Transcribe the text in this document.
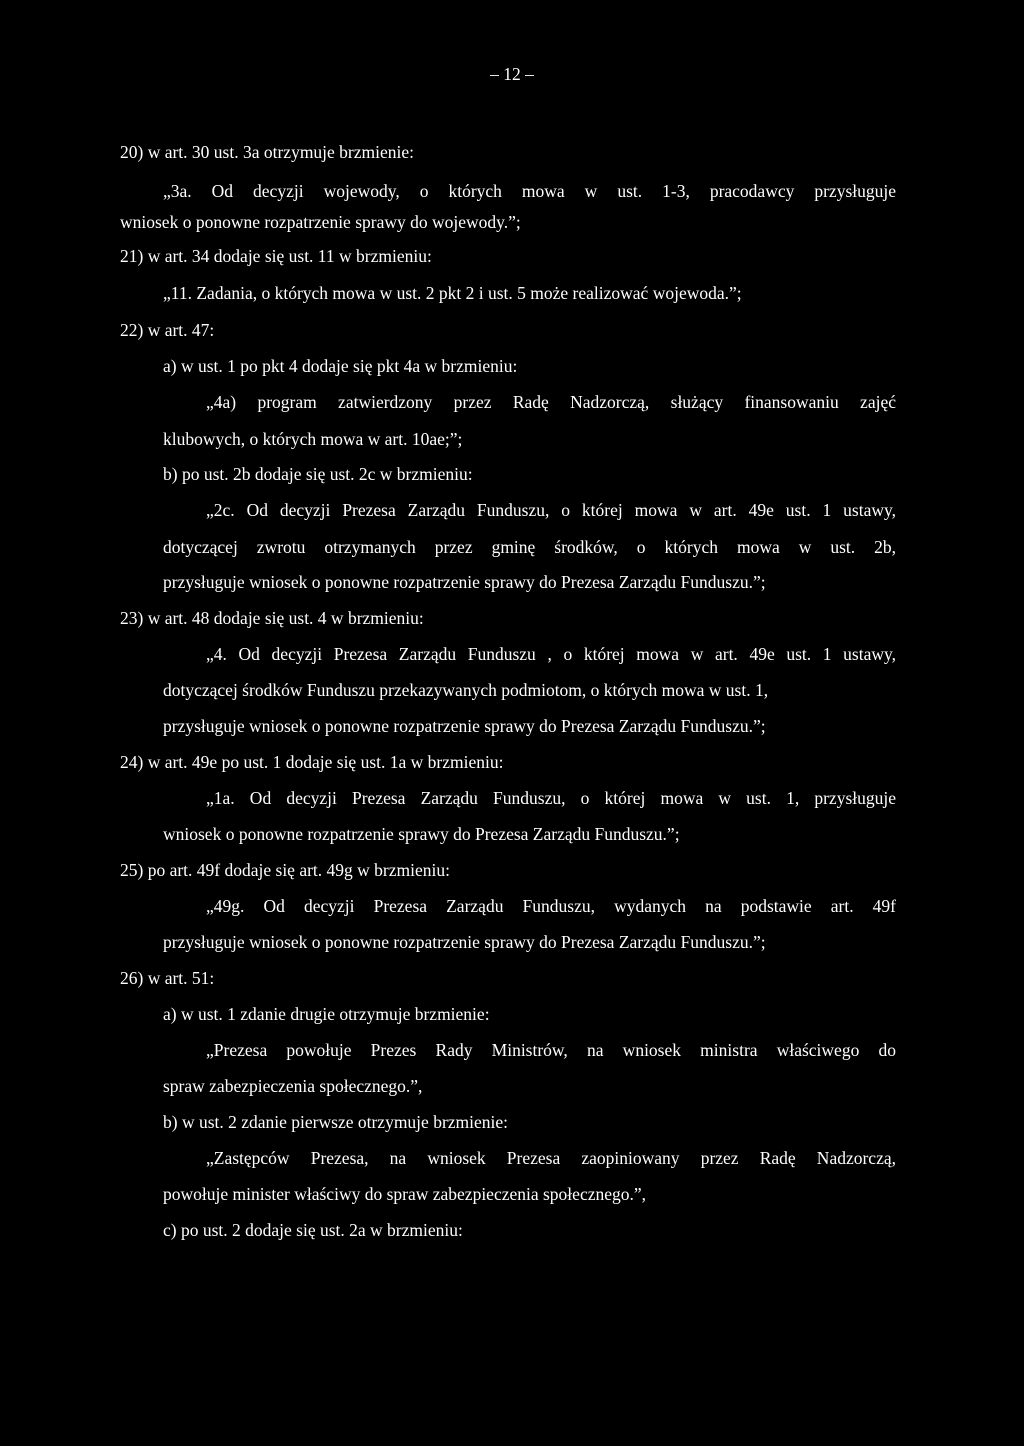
– 12 –
20) w art. 30 ust. 3a otrzymuje brzmienie:
„3a. Od decyzji wojewody, o których mowa w ust. 1-3, pracodawcy przysługuje
wniosek o ponowne rozpatrzenie sprawy do wojewody.”;
21) w art. 34 dodaje się ust. 11 w brzmieniu:
„11. Zadania, o których mowa w ust. 2 pkt 2 i ust. 5 może realizować wojewoda.”;
22) w art. 47:
a) w ust. 1 po pkt 4 dodaje się pkt 4a w brzmieniu:
„4a) program zatwierdzony przez Radę Nadzorczą, służący finansowaniu zajęć
klubowych, o których mowa w art. 10ae;”;
b) po ust. 2b dodaje się ust. 2c w brzmieniu:
„2c. Od decyzji Prezesa Zarządu Funduszu, o której mowa w art. 49e ust. 1 ustawy,
dotyczącej zwrotu otrzymanych przez gminę środków, o których mowa w ust. 2b,
przysługuje wniosek o ponowne rozpatrzenie sprawy do Prezesa Zarządu Funduszu.”;
23) w art. 48 dodaje się ust. 4 w brzmieniu:
„4. Od decyzji Prezesa Zarządu Funduszu , o której mowa w art. 49e ust. 1 ustawy,
dotyczącej środków Funduszu przekazywanych podmiotom, o których mowa w ust. 1,
przysługuje wniosek o ponowne rozpatrzenie sprawy do Prezesa Zarządu Funduszu.”;
24) w art. 49e po ust. 1 dodaje się ust. 1a w brzmieniu:
„1a. Od decyzji Prezesa Zarządu Funduszu, o której mowa w ust. 1, przysługuje
wniosek o ponowne rozpatrzenie sprawy do Prezesa Zarządu Funduszu.”;
25) po art. 49f dodaje się art. 49g w brzmieniu:
„49g. Od decyzji Prezesa Zarządu Funduszu, wydanych na podstawie art. 49f
przysługuje wniosek o ponowne rozpatrzenie sprawy do Prezesa Zarządu Funduszu.”;
26) w art. 51:
a) w ust. 1 zdanie drugie otrzymuje brzmienie:
„Prezesa powołuje Prezes Rady Ministrów, na wniosek ministra właściwego do
spraw zabezpieczenia społecznego.”,
b) w ust. 2 zdanie pierwsze otrzymuje brzmienie:
„Zastępców Prezesa, na wniosek Prezesa zaopiniowany przez Radę Nadzorczą,
powołuje minister właściwy do spraw zabezpieczenia społecznego.”,
c) po ust. 2 dodaje się ust. 2a w brzmieniu:
